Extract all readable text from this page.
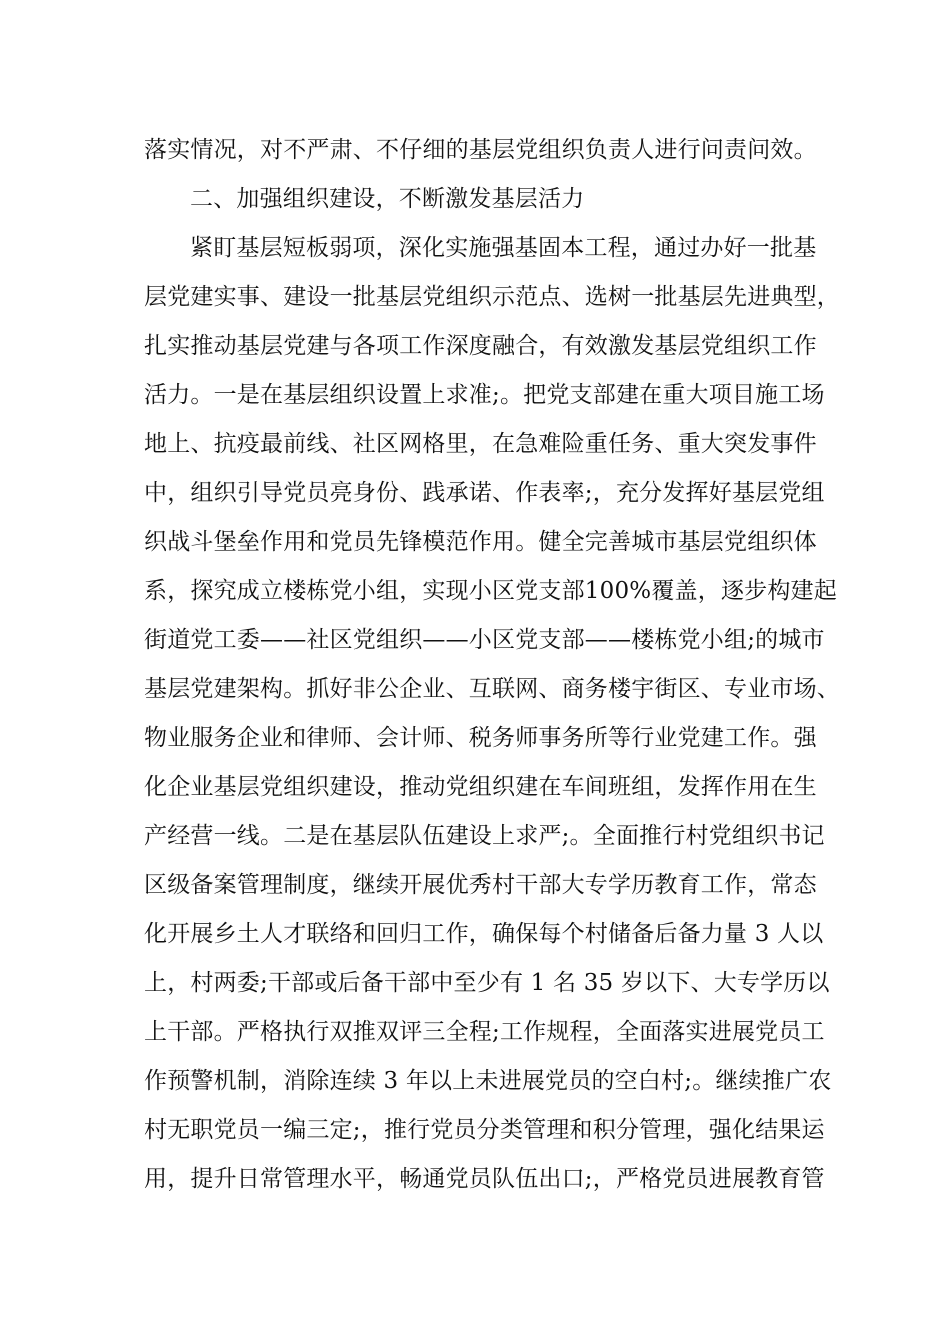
落实情况，对不严肃、不仔细的基层党组织负责人进行问责问效。
二、加强组织建设，不断激发基层活力
紧盯基层短板弱项，深化实施强基固本工程，通过办好一批基
层党建实事、建设一批基层党组织示范点、选树一批基层先进典型，
扎实推动基层党建与各项工作深度融合，有效激发基层党组织工作
活力。一是在基层组织设置上求准;。把党支部建在重大项目施工场
地上、抗疫最前线、社区网格里，在急难险重任务、重大突发事件
中，组织引导党员亮身份、践承诺、作表率;，充分发挥好基层党组
织战斗堡垒作用和党员先锋模范作用。健全完善城市基层党组织体
系，探究成立楼栋党小组，实现小区党支部100%覆盖，逐步构建起
街道党工委——社区党组织——小区党支部——楼栋党小组;的城市
基层党建架构。抓好非公企业、互联网、商务楼宇街区、专业市场、
物业服务企业和律师、会计师、税务师事务所等行业党建工作。强
化企业基层党组织建设，推动党组织建在车间班组，发挥作用在生
产经营一线。二是在基层队伍建设上求严;。全面推行村党组织书记
区级备案管理制度，继续开展优秀村干部大专学历教育工作，常态
化开展乡土人才联络和回归工作，确保每个村储备后备力量 3 人以
上，村两委;干部或后备干部中至少有 1 名 35 岁以下、大专学历以
上干部。严格执行双推双评三全程;工作规程，全面落实进展党员工
作预警机制，消除连续 3 年以上未进展党员的空白村;。继续推广农
村无职党员一编三定;，推行党员分类管理和积分管理，强化结果运
用，提升日常管理水平，畅通党员队伍出口;，严格党员进展教育管
